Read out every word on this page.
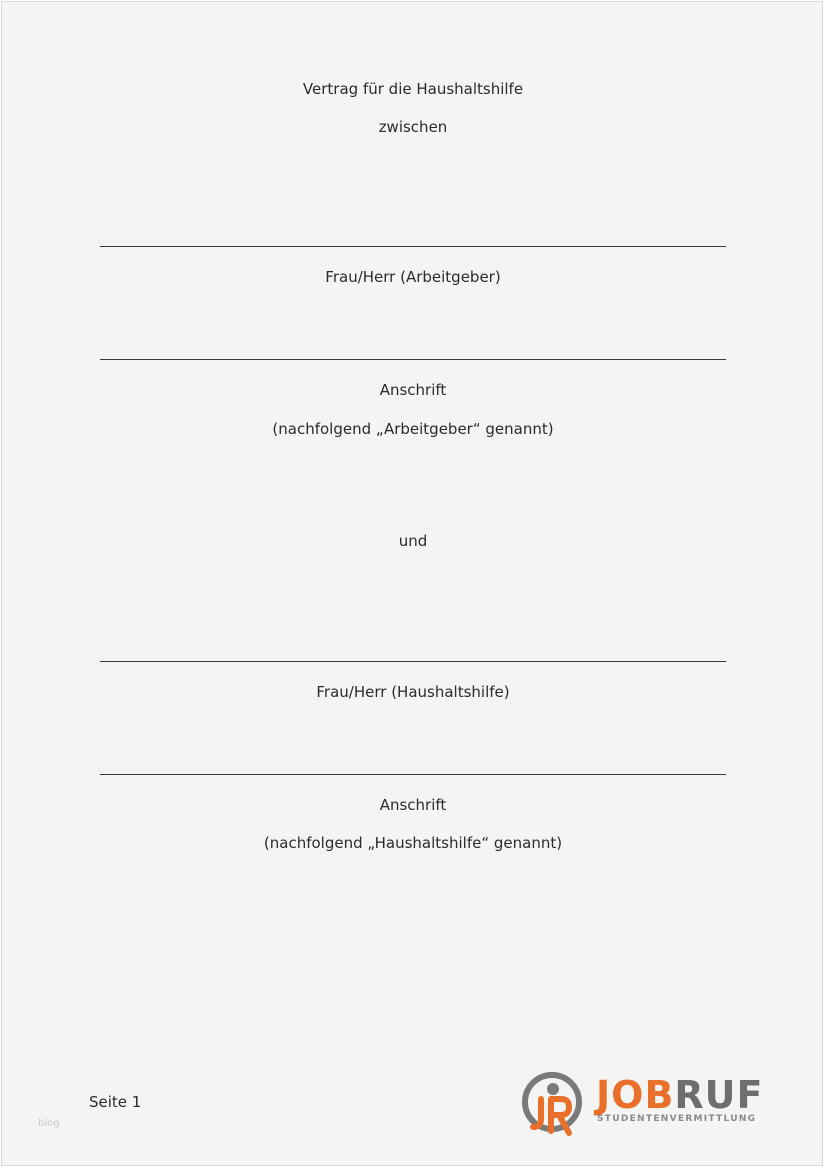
Vertrag für die Haushaltshilfe
zwischen
Frau/Herr (Arbeitgeber)
Anschrift
(nachfolgend „Arbeitgeber“ genannt)
und
Frau/Herr (Haushaltshilfe)
Anschrift
(nachfolgend „Haushaltshilfe“ genannt)
Seite 1
blog
JOBRUF
STUDENTENVERMITTLUNG
